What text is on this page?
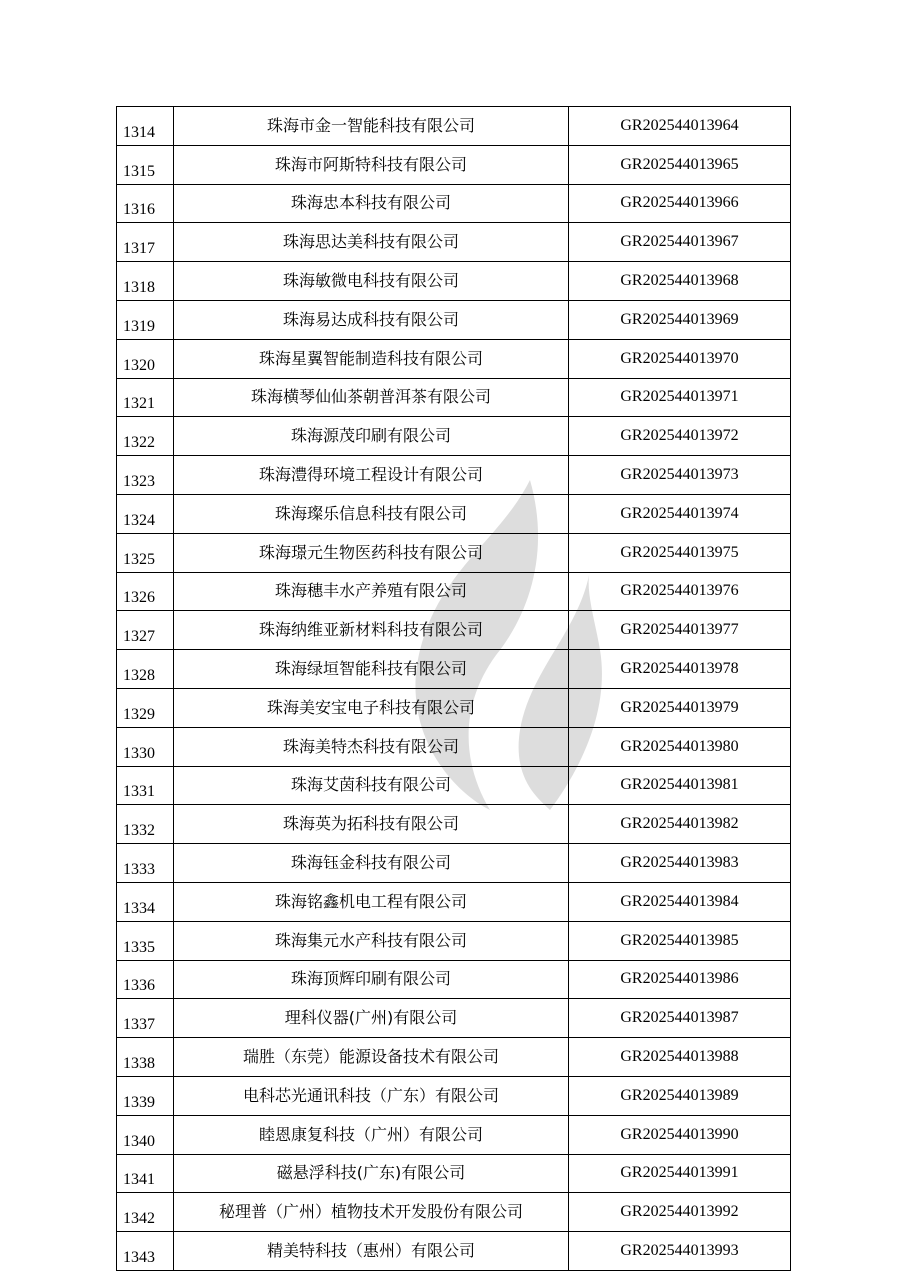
1314	珠海市金一智能科技有限公司	GR202544013964
1315	珠海市阿斯特科技有限公司	GR202544013965
1316	珠海忠本科技有限公司	GR202544013966
1317	珠海思达美科技有限公司	GR202544013967
1318	珠海敏微电科技有限公司	GR202544013968
1319	珠海易达成科技有限公司	GR202544013969
1320	珠海星翼智能制造科技有限公司	GR202544013970
1321	珠海横琴仙仙茶朝普洱茶有限公司	GR202544013971
1322	珠海源茂印刷有限公司	GR202544013972
1323	珠海澧得环境工程设计有限公司	GR202544013973
1324	珠海璨乐信息科技有限公司	GR202544013974
1325	珠海璟元生物医药科技有限公司	GR202544013975
1326	珠海穗丰水产养殖有限公司	GR202544013976
1327	珠海纳维亚新材料科技有限公司	GR202544013977
1328	珠海绿垣智能科技有限公司	GR202544013978
1329	珠海美安宝电子科技有限公司	GR202544013979
1330	珠海美特杰科技有限公司	GR202544013980
1331	珠海艾茵科技有限公司	GR202544013981
1332	珠海英为拓科技有限公司	GR202544013982
1333	珠海钰金科技有限公司	GR202544013983
1334	珠海铭鑫机电工程有限公司	GR202544013984
1335	珠海集元水产科技有限公司	GR202544013985
1336	珠海顶辉印刷有限公司	GR202544013986
1337	理科仪器(广州)有限公司	GR202544013987
1338	瑞胜（东莞）能源设备技术有限公司	GR202544013988
1339	电科芯光通讯科技（广东）有限公司	GR202544013989
1340	睦恩康复科技（广州）有限公司	GR202544013990
1341	磁悬浮科技(广东)有限公司	GR202544013991
1342	秘理普（广州）植物技术开发股份有限公司	GR202544013992
1343	精美特科技（惠州）有限公司	GR202544013993
